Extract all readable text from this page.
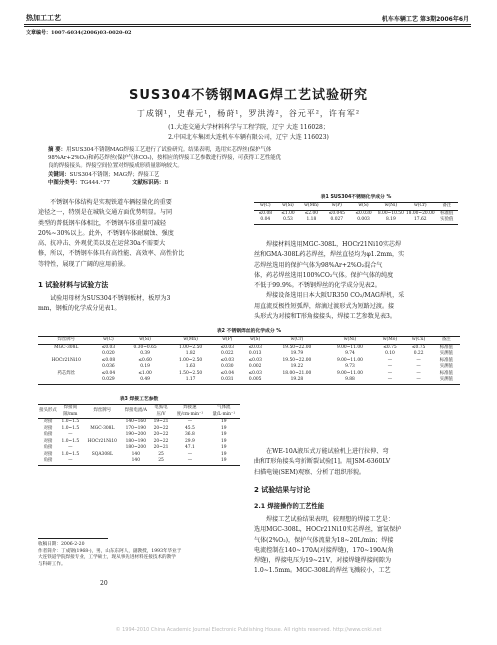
热加工工艺	机车车辆工艺 第3期2006年6月
文章编号：1007-6034(2006)03-0020-02
SUS304不锈钢MAG焊工艺试验研究
丁成钢¹，史春元¹，杨莳¹，罗洪涛²，谷元平²，许有军²
(1.大连交通大学材料科学与工程学院，辽宁 大连 116028；
2.中国北车集团大连机车车辆有限公司，辽宁 大连 116023)
摘 要：用SUS304不锈钢MAG焊接工艺进行了试验研究。结果表明，选用实芯焊丝(保护气体
98%Ar+2%O₂)和药芯焊丝(保护气体CO₂)，按相应的焊接工艺参数进行焊接，可获得工艺性能优
良的焊接接头。焊接空间位置对焊接成形质量影响较大。
关键词：SUS304不锈钢；MAG焊；焊接工艺
中图分类号：TG444.⁺77	文献标识码：B
不锈钢车体结构是实现铁道车辆轻量化的重要
途径之一，特别是在城轨交通方面优势明显。与同
类型的普低钢车体相比，不锈钢车体重量可减轻
20%~30%以上。此外，不锈钢车体耐腐蚀、强度
高、抗冲击、外观优美以及在运营30a不需要大
修，所以，不锈钢车体具有高性能、高效率、高性价比
等特性，展现了广阔的应用前景。
1 试验材料与试验方法
试验用母材为SUS304不锈钢板材，板厚为3
mm，钢板的化学成分见表1。
表1 SUS304不锈钢化学成分 %
w(C)	w(Si)	w(Mn)	w(P)	w(S)	w(Ni)	w(Cr)	备注
≤0.08	≤1.00	≤2.00	≤0.045	≤0.030	8.00~10.50	18.00~20.00	标准值
0.04	0.53	1.18	0.027	0.003	8.19	17.62	实验值
焊接材料选用MGC-308L，HOCr21Ni10实芯焊
丝和GMA-308L药芯焊丝，焊丝直径均为φ1.2mm，实
芯焊丝选用的保护气体为98%Ar+2%O₂混合气
体，药芯焊丝选用100%CO₂气体。保护气体的纯度
不低于99.9%。不锈钢焊丝的化学成分见表2。
焊接设备选用日本大阪UR350 CO₂/MAG焊机，采
用直流反极性短弧焊，熔滴过渡形式为短路过渡。接
头形式为对接和T形角接接头，焊接工艺参数见表3。
表2 不锈钢焊丝的化学成分 %
焊丝牌号	w(C)	w(Si)	w(Mn)	w(P)	w(S)	w(Cr)	w(Ni)	w(Mo)	w(Cu)	备注
MGC-308L	≤0.03	0.30~0.65	1.00~2.50	≤0.03	≤0.03	19.50~22.00	9.00~11.00	≤0.75	≤0.75	标准值
	0.020	0.39	1.82	0.022	0.013	19.79	9.74	0.10	0.22	实测值
HOCr21Ni10	≤0.08	≤0.60	1.00~2.50	≤0.03	≤0.03	19.50~22.00	9.00~11.00	—	—	标准值
	0.036	0.19	1.63	0.030	0.002	19.22	9.73	—	—	实测值
药芯焊丝	≤0.04	≤1.00	1.50~2.50	≤0.04	≤0.03	18.00~21.00	9.00~11.00	—	—	标准值
	0.029	0.49	1.17	0.031	0.005	19.28	9.88	—	—	实测值
表3 焊接工艺参数
接头形式	焊接间隙/mm	焊丝牌号	焊接电流/A	电弧电压/V	焊接速度/cm·min⁻¹	气体流量/L·min⁻¹
对接	1.0~1.5		140~160	19~21	—	19
对接	1.0~1.5	MGC-308L	170~190	20~22	45.5	19
角接	—		190~200	20~22	36.8	19
对接	1.0~1.5	HOCr21Ni10	180~190	20~22	29.9	19
角接	—		180~200	20~21	47.1	19
对接	1.0~1.5	SQA308L	140	25	—	19
角接	—		140	25	—	19
收稿日期：2006-2-20
作者简介：丁成钢(1968-)，男，山东东阿人，副教授，1993年毕业于
大连铁道学院焊接专业，工学硕士，现从事先进材料连接技术的教学
与科研工作。
20
在WE-10A液压式万能试验机上进行拉伸、弯
曲和T形角接头弯折断裂试验[1]。用JSM-6360LV
扫描电镜(SEM)观察、分析了组织形貌。
2 试验结果与讨论
2.1 焊接操作的工艺性能
焊接工艺试验结果表明，较理想的焊接工艺是：
选用MGC-308L，HOCr21Ni10实芯焊丝，富氩保护
气体(2%O₂)，保护气体流量为18~20L/min；焊接
电流控制在140~170A(对接焊缝)，170~190A(角
焊缝)，焊接电压为19~21V，对接焊缝焊接间隙为
1.0~1.5mm。MGC-308L的焊丝飞溅较小，工艺
© 1994-2010 China Academic Journal Electronic Publishing House. All rights reserved. http://www.cnki.net
